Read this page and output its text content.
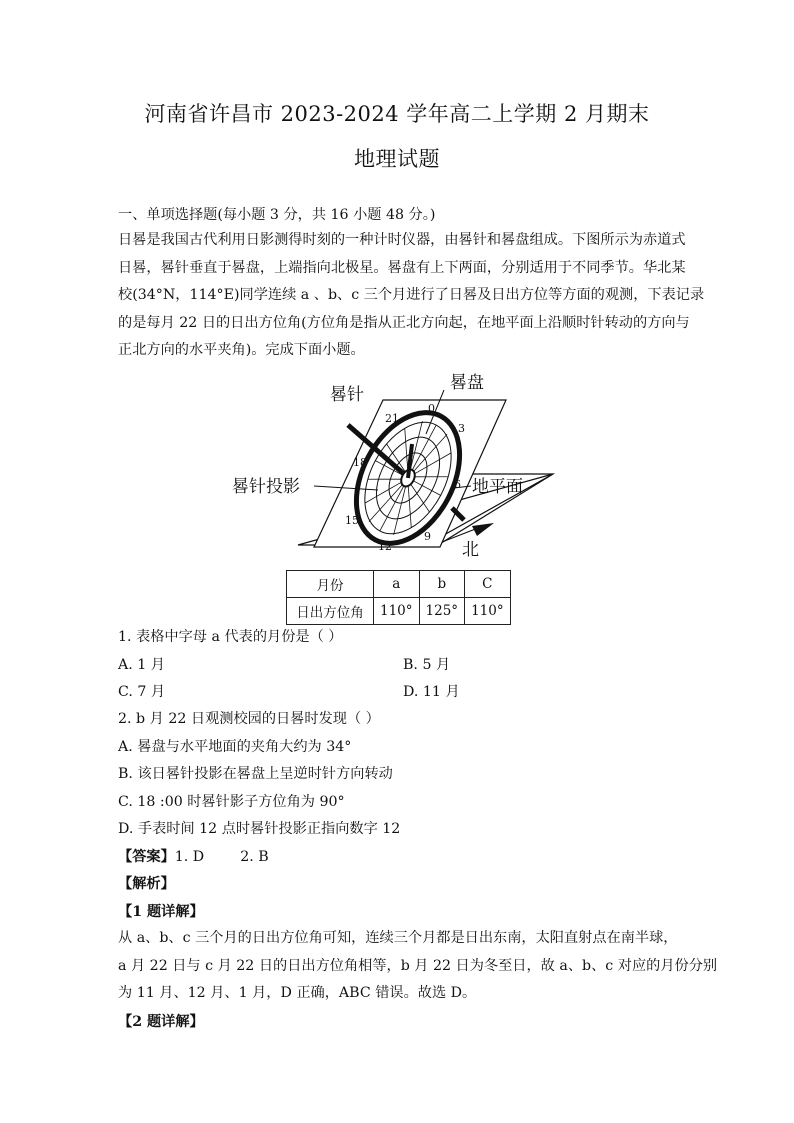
河南省许昌市 2023-2024 学年高二上学期 2 月期末
地理试题
一、单项选择题(每小题 3 分，共 16 小题 48 分。)
日晷是我国古代利用日影测得时刻的一种计时仪器，由晷针和晷盘组成。下图所示为赤道式
日晷，晷针垂直于晷盘，上端指向北极星。晷盘有上下两面，分别适用于不同季节。华北某
校(34°N，114°E)同学连续 a 、b、c 三个月进行了日晷及日出方位等方面的观测，下表记录
的是每月 22 日的日出方位角(方位角是指从正北方向起，在地平面上沿顺时针转动的方向与
正北方向的水平夹角)。完成下面小题。
晷针
晷盘
晷针投影	地平面
北
0
3
6
9
12
15
18
21
月份	a	b	C
日出方位角	110°	125°	110°
1. 表格中字母 a 代表的月份是（ ）
A. 1 月	B. 5 月
C. 7 月	D. 11 月
2. b 月 22 日观测校园的日晷时发现（ ）
A. 晷盘与水平地面的夹角大约为 34°
B. 该日晷针投影在晷盘上呈逆时针方向转动
C. 18 :00 时晷针影子方位角为 90°
D. 手表时间 12 点时晷针投影正指向数字 12
【答案】1. D        2. B
【解析】
【1 题详解】
从 a、b、c 三个月的日出方位角可知，连续三个月都是日出东南，太阳直射点在南半球，
a 月 22 日与 c 月 22 日的日出方位角相等，b 月 22 日为冬至日，故 a、b、c 对应的月份分别
为 11 月、12 月、1 月，D 正确，ABC 错误。故选 D。
【2 题详解】
